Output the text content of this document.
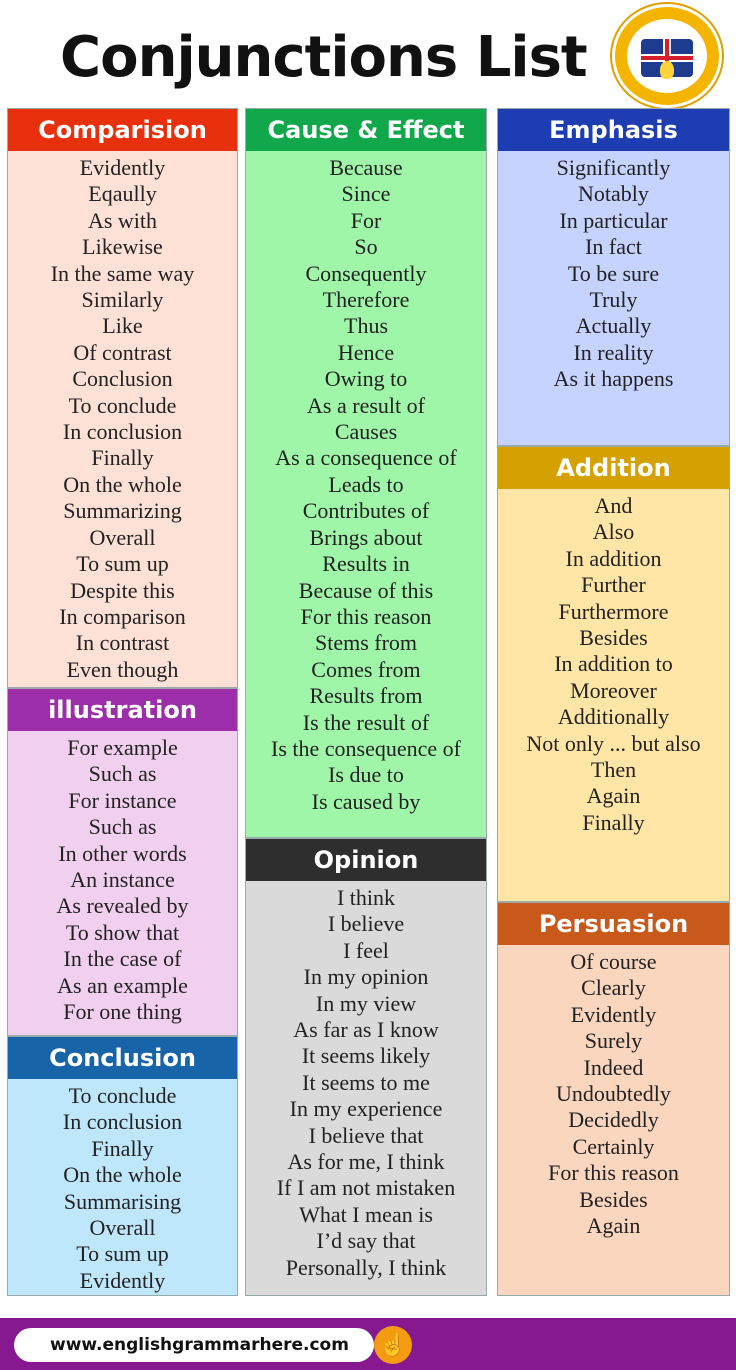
Conjunctions List
Comparision
Evidently
Eqaully
As with
Likewise
In the same way
Similarly
Like
Of contrast
Conclusion
To conclude
In conclusion
Finally
On the whole
Summarizing
Overall
To sum up
Despite this
In comparison
In contrast
Even though
illustration
For example
Such as
For instance
Such as
In other words
An instance
As revealed by
To show that
In the case of
As an example
For one thing
Conclusion
To conclude
In conclusion
Finally
On the whole
Summarising
Overall
To sum up
Evidently
Cause & Effect
Because
Since
For
So
Consequently
Therefore
Thus
Hence
Owing to
As a result of
Causes
As a consequence of
Leads to
Contributes of
Brings about
Results in
Because of this
For this reason
Stems from
Comes from
Results from
Is the result of
Is the consequence of
Is due to
Is caused by
Opinion
I think
I believe
I feel
In my opinion
In my view
As far as I know
It seems likely
It seems to me
In my experience
I believe that
As for me, I think
If I am not mistaken
What I mean is
I’d say that
Personally, I think
Emphasis
Significantly
Notably
In particular
In fact
To be sure
Truly
Actually
In reality
As it happens
Addition
And
Also
In addition
Further
Furthermore
Besides
In addition to
Moreover
Additionally
Not only ... but also
Then
Again
Finally
Persuasion
Of course
Clearly
Evidently
Surely
Indeed
Undoubtedly
Decidedly
Certainly
For this reason
Besides
Again
www.englishgrammarhere.com	☝
